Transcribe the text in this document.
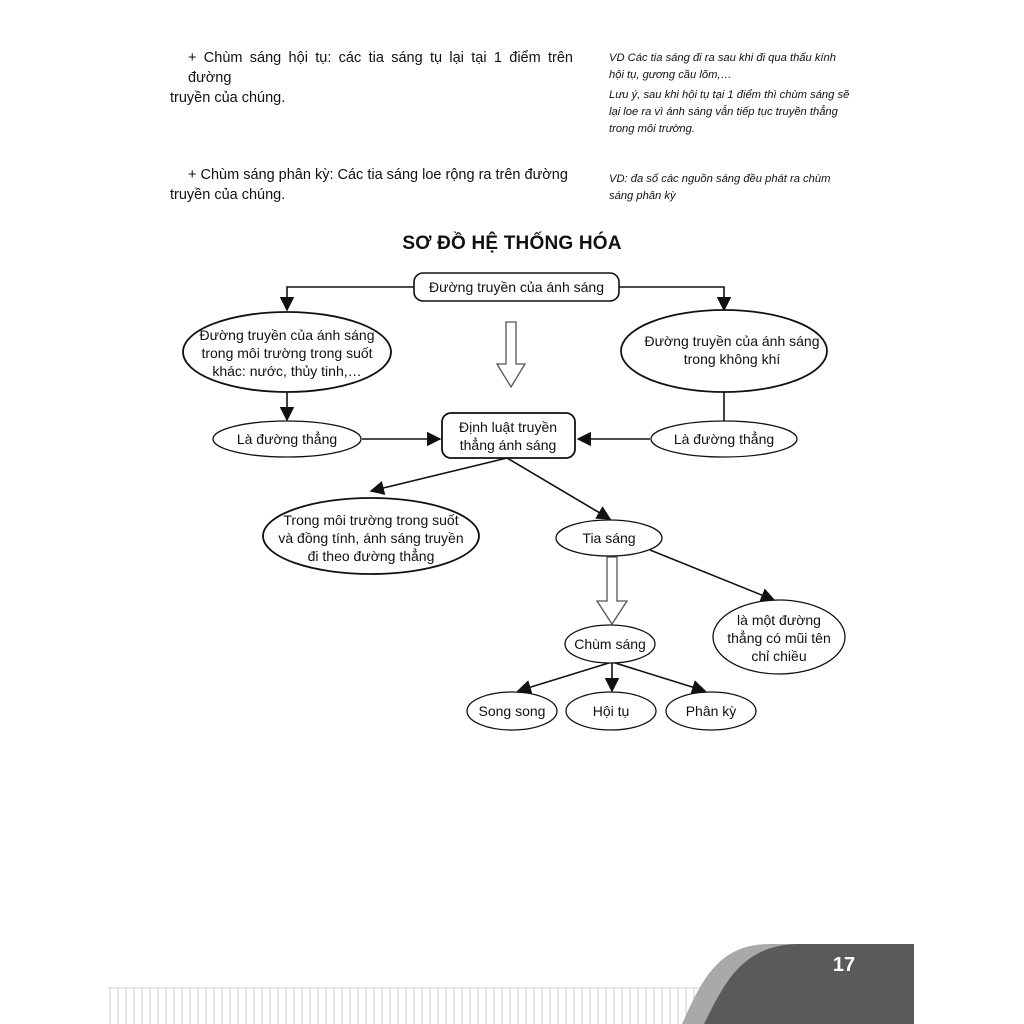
+ Chùm sáng hội tụ: các tia sáng tụ lại tại 1 điểm trên đường
truyền của chúng.
+ Chùm sáng phân kỳ: Các tia sáng loe rộng ra trên đường
truyền của chúng.
VD Các tia sáng đi ra sau khi đi qua thấu kính
hội tụ, gương cầu lõm,…
Lưu ý, sau khi hội tụ tại 1 điểm thì chùm sáng sẽ
lại loe ra vì ánh sáng vẫn tiếp tục truyền thẳng
trong môi trường.
VD: đa số các nguồn sáng đều phát ra chùm
sáng phân kỳ
SƠ ĐỒ HỆ THỐNG HÓA
Đường truyền của ánh sáng
Đường truyền của ánh sáng
trong môi trường trong suốt
khác: nước, thủy tinh,…
Đường truyền của ánh sáng
trong không khí
Là đường thẳng
Định luật truyền
thẳng ánh sáng	Là đường thẳng
Trong môi trường trong suốt
và đồng tính, ánh sáng truyền
đi theo đường thẳng
Tia sáng
là một đường
thẳng có mũi tên
chỉ chiều
Chùm sáng
Song song	Hội tụ	Phân kỳ
17
